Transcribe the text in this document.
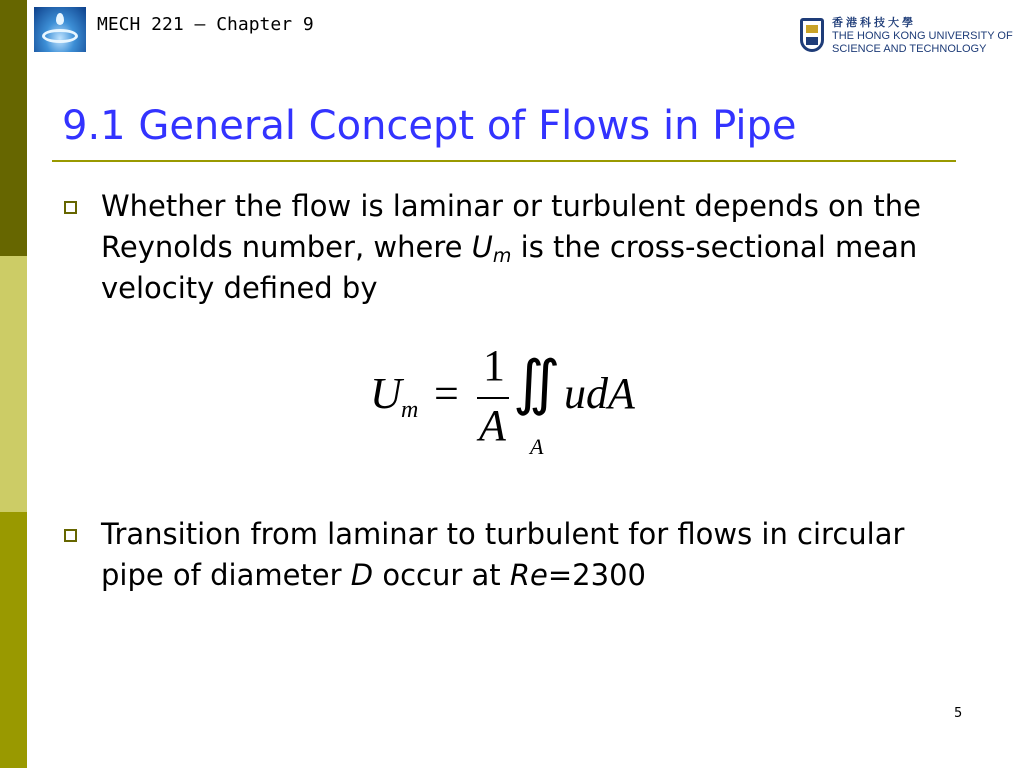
MECH 221 – Chapter 9	香港科技大學
THE HONG KONG UNIVERSITY OF
SCIENCE AND TECHNOLOGY
9.1 General Concept of Flows in Pipe
Whether the flow is laminar or turbulent depends on the Reynolds number, where $U_m$ is the cross-sectional mean velocity defined by
U m =
1
A
∬ udA
A
Transition from laminar to turbulent for flows in circular pipe of diameter D occur at Re=2300
5
